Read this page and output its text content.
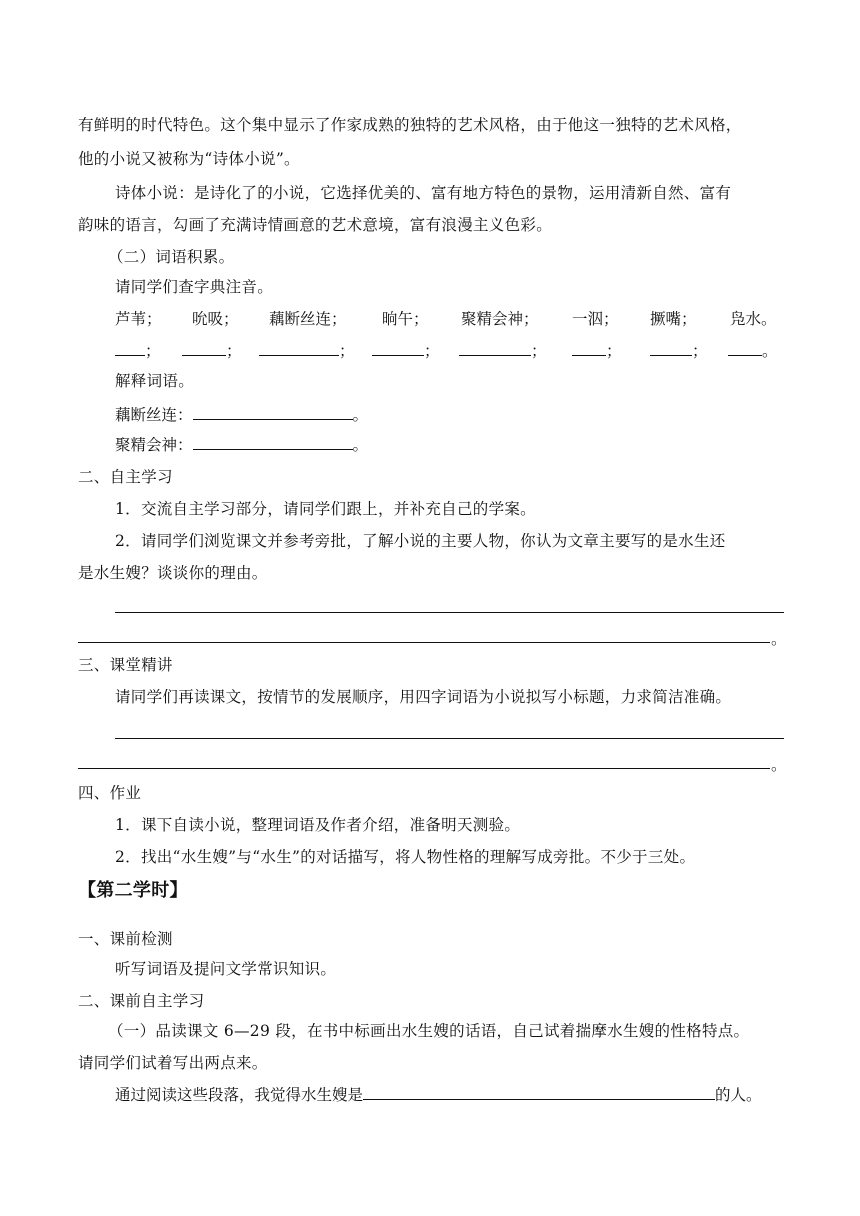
有鲜明的时代特色。这个集中显示了作家成熟的独特的艺术风格，由于他这一独特的艺术风格，
他的小说又被称为“诗体小说”。
诗体小说：是诗化了的小说，它选择优美的、富有地方特色的景物，运用清新自然、富有
韵味的语言，勾画了充满诗情画意的艺术意境，富有浪漫主义色彩。
（二）词语积累。
请同学们查字典注音。
芦苇； 吮吸； 藕断丝连； 晌午； 聚精会神； 一泅； 撅嘴； 凫水。
；	；	；	；	；	；	；	。
解释词语。
藕断丝连：	。
聚精会神：	。
二、自主学习
1．交流自主学习部分，请同学们跟上，并补充自己的学案。
2．请同学们浏览课文并参考旁批，了解小说的主要人物，你认为文章主要写的是水生还
是水生嫂？谈谈你的理由。
。
三、课堂精讲
请同学们再读课文，按情节的发展顺序，用四字词语为小说拟写小标题，力求简洁准确。
。
四、作业
1．课下自读小说，整理词语及作者介绍，准备明天测验。
2．找出“水生嫂”与“水生”的对话描写，将人物性格的理解写成旁批。不少于三处。
【第二学时】
一、课前检测
听写词语及提问文学常识知识。
二、课前自主学习
（一）品读课文 6—29 段，在书中标画出水生嫂的话语，自己试着揣摩水生嫂的性格特点。
请同学们试着写出两点来。
通过阅读这些段落，我觉得水生嫂是	的人。
